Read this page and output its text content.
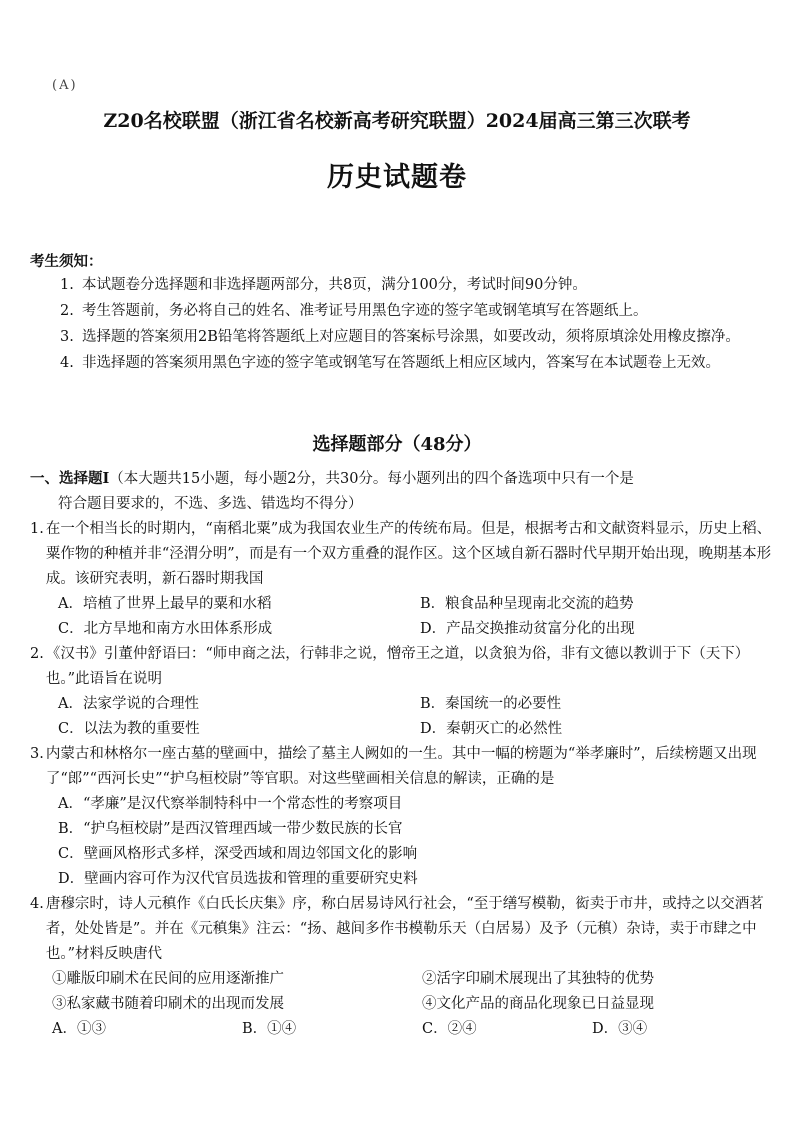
(A)
Z20名校联盟（浙江省名校新高考研究联盟）2024届高三第三次联考
历史试题卷
考生须知：
1. 本试题卷分选择题和非选择题两部分，共8页，满分100分，考试时间90分钟。
2. 考生答题前，务必将自己的姓名、准考证号用黑色字迹的签字笔或钢笔填写在答题纸上。
3. 选择题的答案须用2B铅笔将答题纸上对应题目的答案标号涂黑，如要改动，须将原填涂处用橡皮擦净。
4. 非选择题的答案须用黑色字迹的签字笔或钢笔写在答题纸上相应区域内，答案写在本试题卷上无效。
选择题部分（48分）
一、选择题Ⅰ（本大题共15小题，每小题2分，共30分。每小题列出的四个备选项中只有一个是
符合题目要求的，不选、多选、错选均不得分）
1. 在一个相当长的时期内，“南稻北粟”成为我国农业生产的传统布局。但是，根据考古和文献资料显示，历史上稻、粟作物的种植并非“泾渭分明”，而是有一个双方重叠的混作区。这个区域自新石器时代早期开始出现，晚期基本形成。该研究表明，新石器时期我国
A．培植了世界上最早的粟和水稻	B．粮食品种呈现南北交流的趋势
C．北方旱地和南方水田体系形成	D．产品交换推动贫富分化的出现
2. 《汉书》引董仲舒语曰：“师申商之法，行韩非之说，憎帝王之道，以贪狼为俗，非有文德以教训于下（天下）也。”此语旨在说明
A．法家学说的合理性	B．秦国统一的必要性
C．以法为教的重要性	D．秦朝灭亡的必然性
3. 内蒙古和林格尔一座古墓的壁画中，描绘了墓主人阙如的一生。其中一幅的榜题为“举孝廉时”，后续榜题又出现了“郎”“西河长史”“护乌桓校尉”等官职。对这些壁画相关信息的解读，正确的是
A．“孝廉”是汉代察举制特科中一个常态性的考察项目
B．“护乌桓校尉”是西汉管理西域一带少数民族的长官
C．壁画风格形式多样，深受西域和周边邻国文化的影响
D．壁画内容可作为汉代官员选拔和管理的重要研究史料
4. 唐穆宗时，诗人元稹作《白氏长庆集》序，称白居易诗风行社会，“至于缮写模勒，衒卖于市井，或持之以交酒茗者，处处皆是”。并在《元稹集》注云：“扬、越间多作书模勒乐天（白居易）及予（元稹）杂诗，卖于市肆之中也。”材料反映唐代
①雕版印刷术在民间的应用逐渐推广	②活字印刷术展现出了其独特的优势
③私家藏书随着印刷术的出现而发展	④文化产品的商品化现象已日益显现
A．①③	B．①④	C．②④	D．③④
